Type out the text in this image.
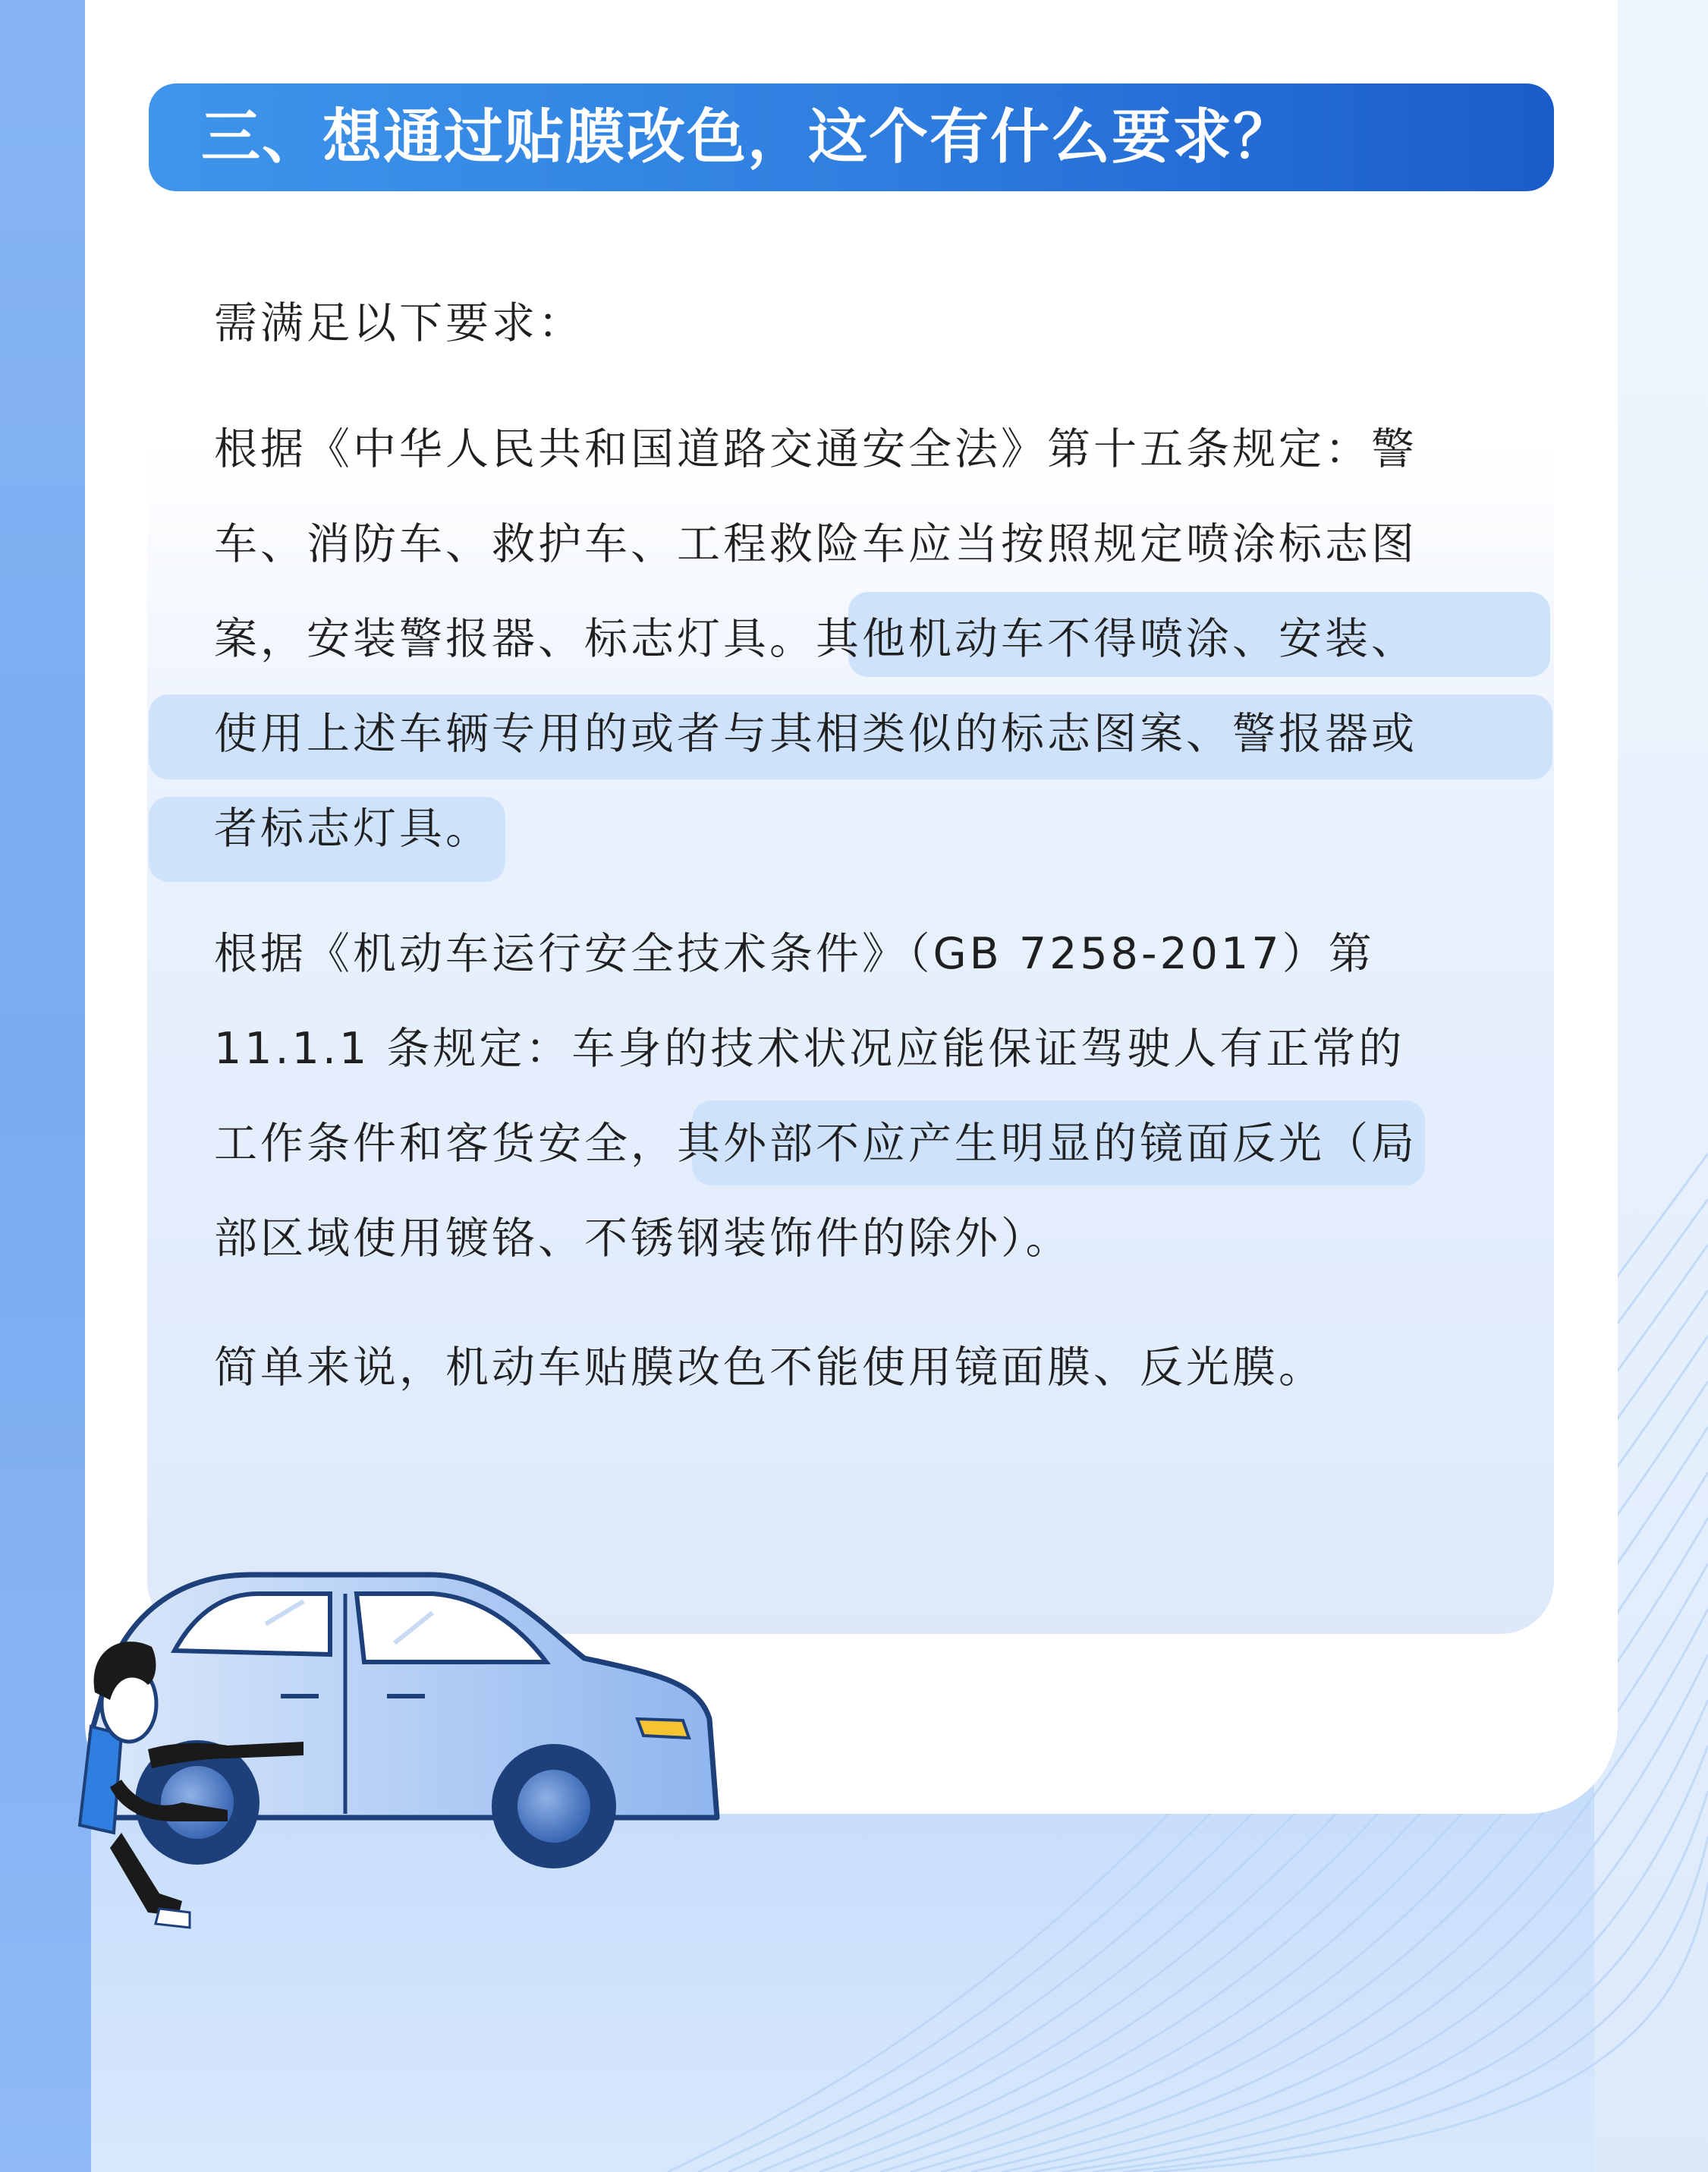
三、想通过贴膜改色，这个有什么要求？
需满足以下要求：
根据《中华人民共和国道路交通安全法》第十五条规定：警
车、消防车、救护车、工程救险车应当按照规定喷涂标志图
案，安装警报器、标志灯具。其他机动车不得喷涂、安装、
使用上述车辆专用的或者与其相类似的标志图案、警报器或
者标志灯具。
根据《机动车运行安全技术条件》（GB 7258-2017）第
11.1.1 条规定：车身的技术状况应能保证驾驶人有正常的
工作条件和客货安全，其外部不应产生明显的镜面反光（局
部区域使用镀铬、不锈钢装饰件的除外）。
简单来说，机动车贴膜改色不能使用镜面膜、反光膜。
